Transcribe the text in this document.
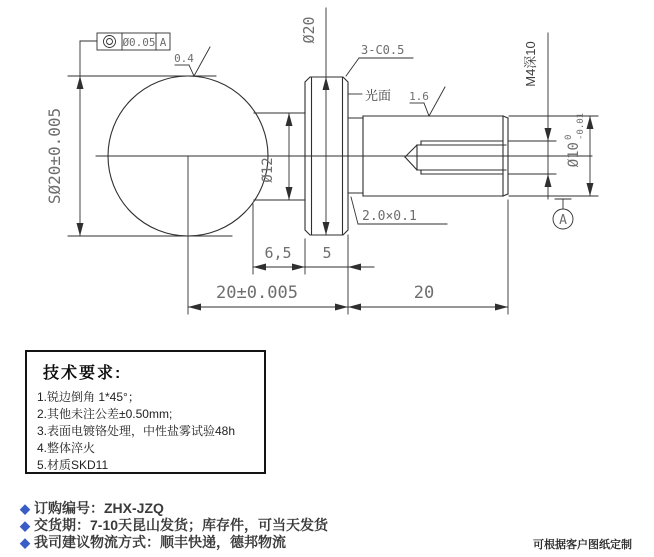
Ø0.05 A
0.4
1.6
SØ20±0.005
Ø20
Ø12
M4深10
Ø10
0 -0.01
A
3-C0.5
光面
2.0×0.1
6,5 5
20±0.005	20
技术要求:
1.锐边倒角 1*45°；
2.其他未注公差±0.50mm;
3.表面电镀铬处理，中性盐雾试验48h
4.整体淬火
5.材质SKD11
◆ 订购编号：ZHX-JZQ
◆ 交货期：7-10天昆山发货；库存件，可当天发货
◆ 我司建议物流方式：顺丰快递，德邦物流	可根据客户图纸定制
